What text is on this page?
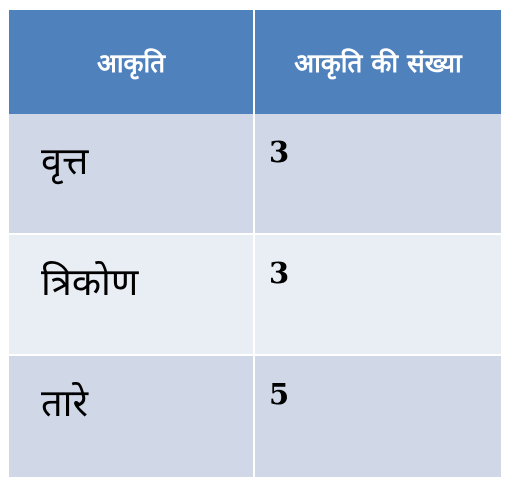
आकृति	आकृति की संख्या

वृत्त	3

त्रिकोण	3

तारे	5
